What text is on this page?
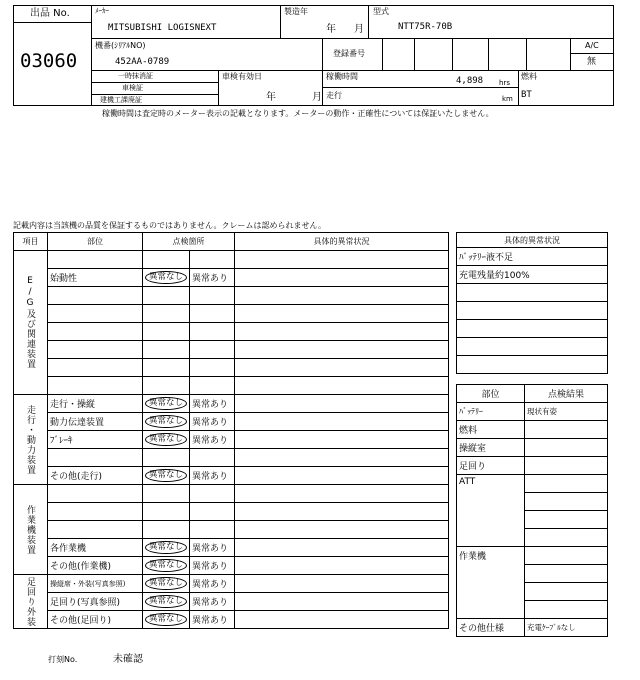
出品 No.
03060
ﾒｰｶｰ
MITSUBISHI LOGISNEXT
製造年
年 月
型式
NTT75R-70B
機番(ｼﾘｱﾙNO)
452AA-0789
登録番号
A/C
無
一時抹消証
車検証
建機工課廃証
車検有効日
年	月
稼働時間	4,898 hrs
走行	km
燃料
BT
稼働時間は査定時のメーター表示の記載となります。メーターの動作・正確性については保証いたしません。
記載内容は当該機の品質を保証するものではありません。クレームは認められません。
項目	部位	点検箇所		具体的異常状況
E/G及び関連装置				
	始動性	異常なし	異常あり	

走行・動力装置	走行・操縦	異常なし	異常あり	
	動力伝達装置	異常なし	異常あり	
	ﾌﾞﾚｰｷ	異常なし	異常あり	

	その他(走行)	異常なし	異常あり	
作業機装置				

	各作業機	異常なし	異常あり	
	その他(作業機)	異常なし	異常あり	
足回り外装	操縦席・外装(写真参照)	異常なし	異常あり	
	足回り(写真参照)	異常なし	異常あり	
	その他(足回り)	異常なし	異常あり	
具体的異常状況
ﾊﾞｯﾃﾘｰ液不足
充電残量約100%

部位	点検結果
ﾊﾞｯﾃﾘｰ	現状有姿
燃料	
操縦室	
足回り	
ATT	

作業機	

その他仕様	充電ｹｰﾌﾞﾙなし
打刻No.	未確認
